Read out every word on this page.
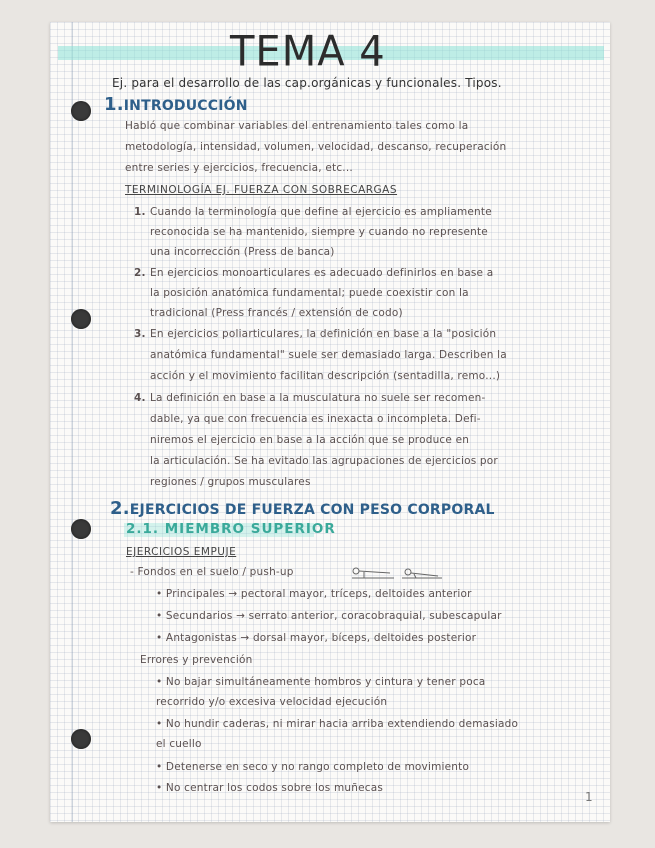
TEMA 4
Ej. para el desarrollo de las cap.orgánicas y funcionales. Tipos.
1.INTRODUCCIÓN
Habló que combinar variables del entrenamiento tales como la
metodología, intensidad, volumen, velocidad, descanso, recuperación
entre series y ejercicios, frecuencia, etc...
TERMINOLOGÍA EJ. FUERZA CON SOBRECARGAS
1. Cuando la terminología que define al ejercicio es ampliamente
reconocida se ha mantenido, siempre y cuando no represente
una incorrección (Press de banca)
2. En ejercicios monoarticulares es adecuado definirlos en base a
la posición anatómica fundamental; puede coexistir con la
tradicional (Press francés / extensión de codo)
3. En ejercicios poliarticulares, la definición en base a la "posición
anatómica fundamental" suele ser demasiado larga. Describen la
acción y el movimiento facilitan descripción (sentadilla, remo...)
4. La definición en base a la musculatura no suele ser recomen-
dable, ya que con frecuencia es inexacta o incompleta. Defi-
niremos el ejercicio en base a la acción que se produce en
la articulación. Se ha evitado las agrupaciones de ejercicios por
regiones / grupos musculares
2.EJERCICIOS DE FUERZA CON PESO CORPORAL
2.1. MIEMBRO SUPERIOR
EJERCICIOS EMPUJE
- Fondos en el suelo / push-up
• Principales → pectoral mayor, tríceps, deltoides anterior
• Secundarios → serrato anterior, coracobraquial, subescapular
• Antagonistas → dorsal mayor, bíceps, deltoides posterior
Errores y prevención
• No bajar simultáneamente hombros y cintura y tener poca
recorrido y/o excesiva velocidad ejecución
• No hundir caderas, ni mirar hacia arriba extendiendo demasiado
el cuello
• Detenerse en seco y no rango completo de movimiento
• No centrar los codos sobre los muñecas
1
